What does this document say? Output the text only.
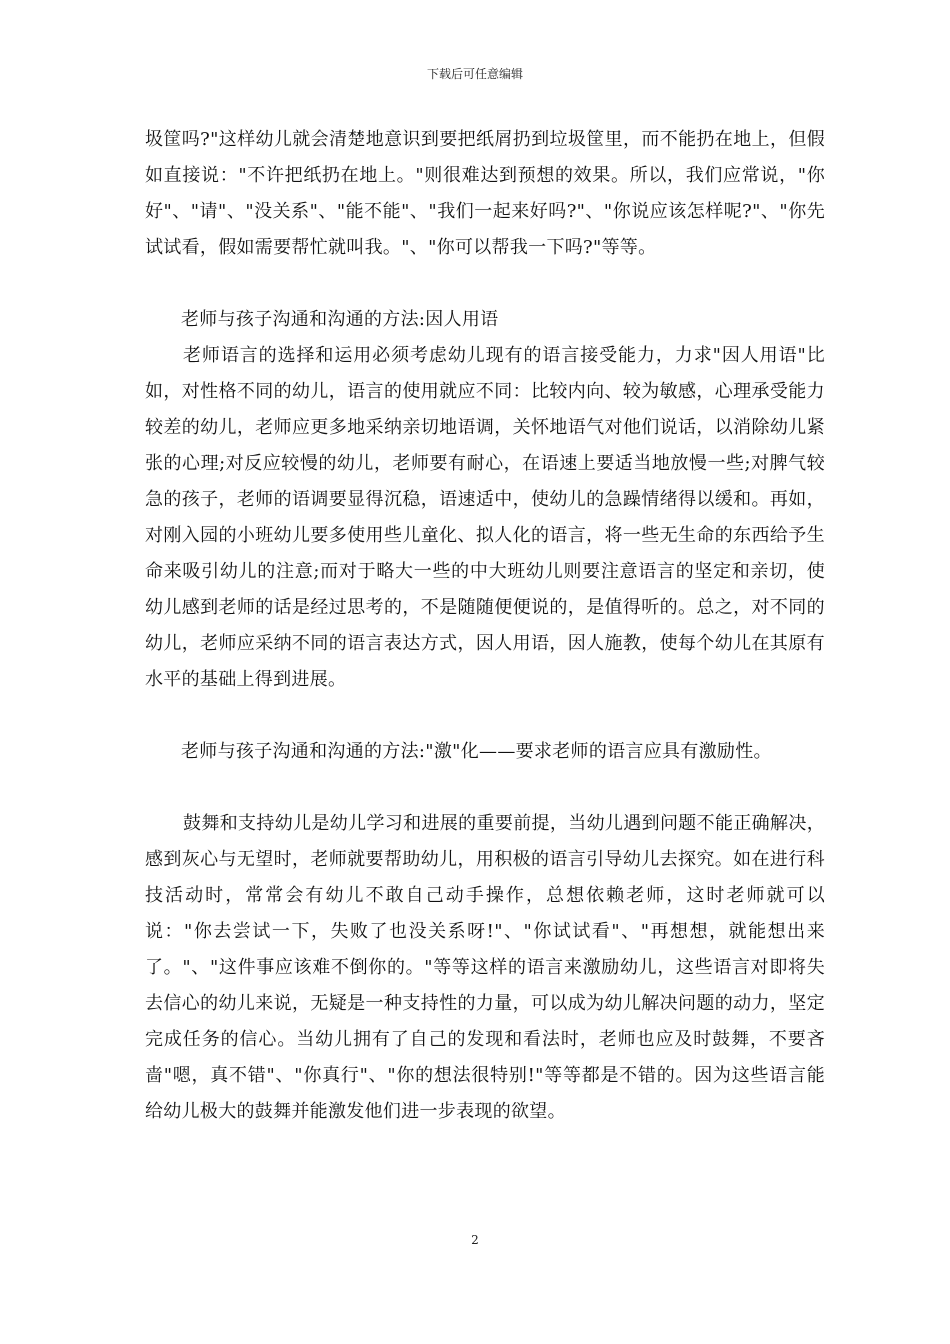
下载后可任意编辑

圾筐吗?"这样幼儿就会清楚地意识到要把纸屑扔到垃圾筐里，而不能扔在地上，但假如直接说："不许把纸扔在地上。"则很难达到预想的效果。所以，我们应常说，"你好"、"请"、"没关系"、"能不能"、"我们一起来好吗?"、"你说应该怎样呢?"、"你先试试看，假如需要帮忙就叫我。"、"你可以帮我一下吗?"等等。

老师与孩子沟通和沟通的方法:因人用语

老师语言的选择和运用必须考虑幼儿现有的语言接受能力，力求"因人用语"比如，对性格不同的幼儿，语言的使用就应不同：比较内向、较为敏感，心理承受能力较差的幼儿，老师应更多地采纳亲切地语调，关怀地语气对他们说话，以消除幼儿紧张的心理;对反应较慢的幼儿，老师要有耐心，在语速上要适当地放慢一些;对脾气较急的孩子，老师的语调要显得沉稳，语速适中，使幼儿的急躁情绪得以缓和。再如，对刚入园的小班幼儿要多使用些儿童化、拟人化的语言，将一些无生命的东西给予生命来吸引幼儿的注意;而对于略大一些的中大班幼儿则要注意语言的坚定和亲切，使幼儿感到老师的话是经过思考的，不是随随便便说的，是值得听的。总之，对不同的幼儿，老师应采纳不同的语言表达方式，因人用语，因人施教，使每个幼儿在其原有水平的基础上得到进展。

老师与孩子沟通和沟通的方法:"激"化——要求老师的语言应具有激励性。

鼓舞和支持幼儿是幼儿学习和进展的重要前提，当幼儿遇到问题不能正确解决，感到灰心与无望时，老师就要帮助幼儿，用积极的语言引导幼儿去探究。如在进行科技活动时，常常会有幼儿不敢自己动手操作，总想依赖老师，这时老师就可以说："你去尝试一下，失败了也没关系呀!"、"你试试看"、"再想想，就能想出来了。"、"这件事应该难不倒你的。"等等这样的语言来激励幼儿，这些语言对即将失去信心的幼儿来说，无疑是一种支持性的力量，可以成为幼儿解决问题的动力，坚定完成任务的信心。当幼儿拥有了自己的发现和看法时，老师也应及时鼓舞，不要吝啬"嗯，真不错"、"你真行"、"你的想法很特别!"等等都是不错的。因为这些语言能给幼儿极大的鼓舞并能激发他们进一步表现的欲望。

2
